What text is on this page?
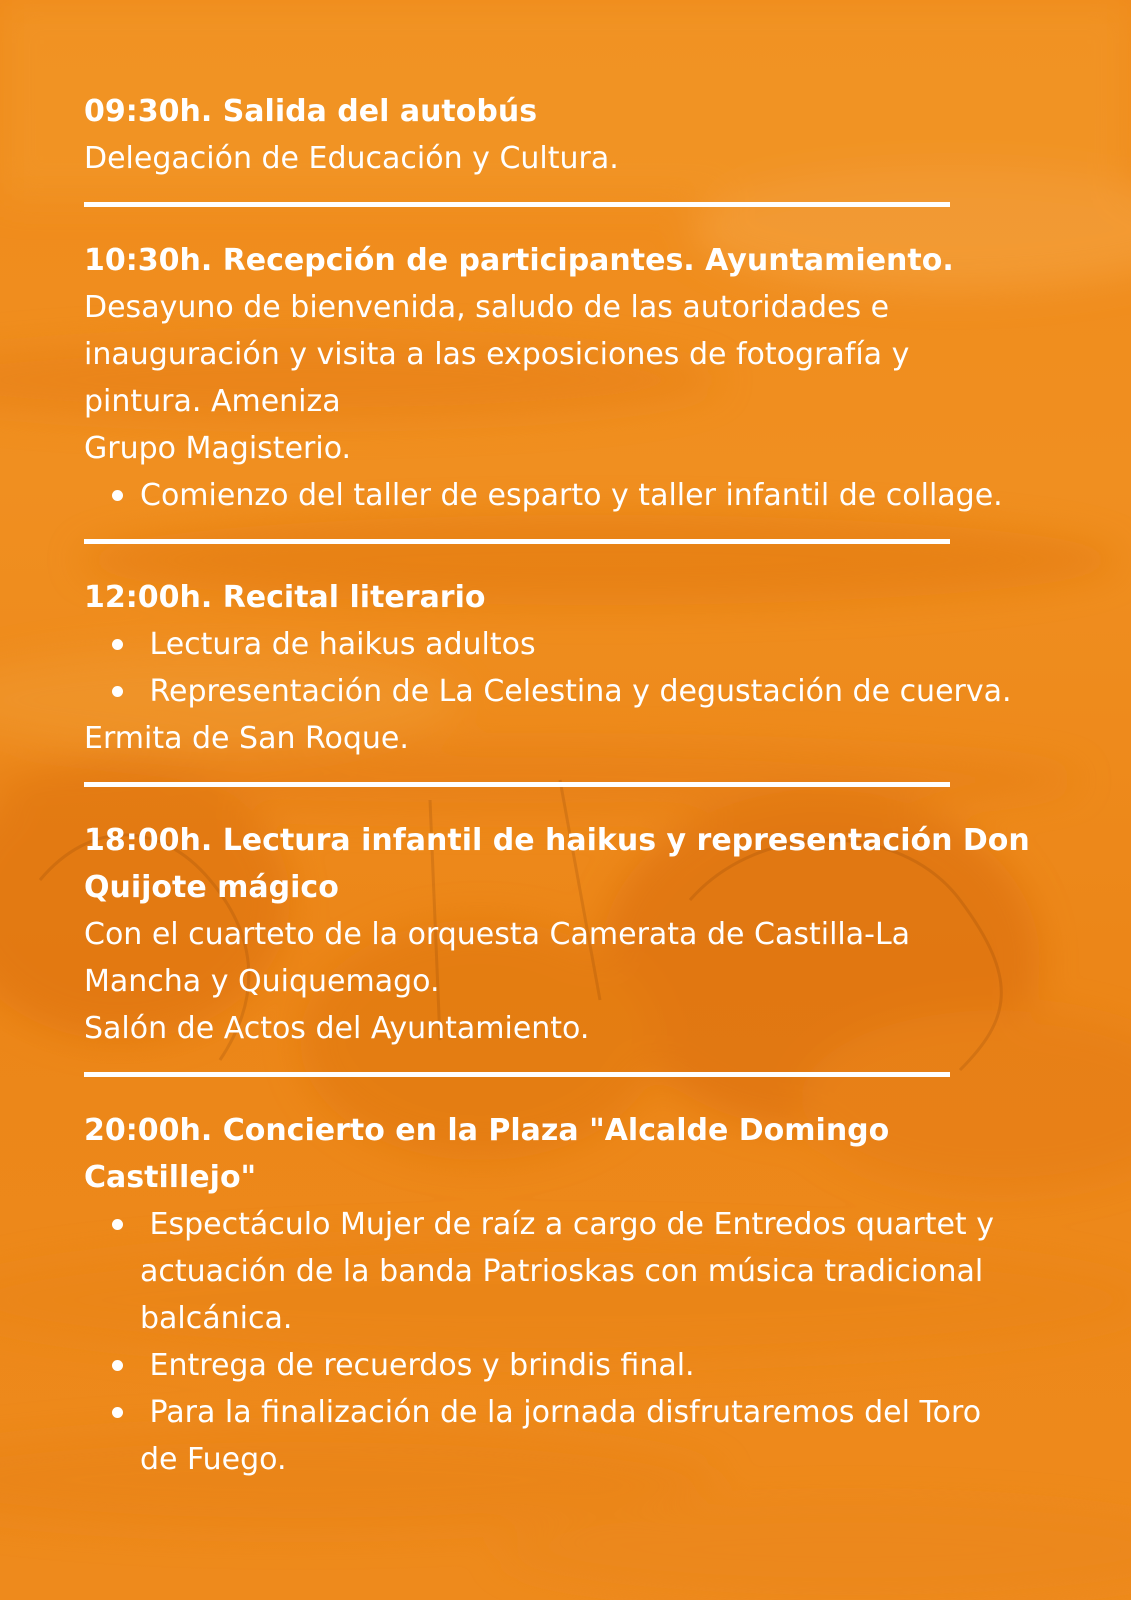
09:30h. Salida del autobús

Delegación de Educación y Cultura.

10:30h. Recepción de participantes. Ayuntamiento.

Desayuno de bienvenida, saludo de las autoridades e

inauguración y visita a las exposiciones de fotografía y

pintura. Ameniza

Grupo Magisterio.

Comienzo del taller de esparto y taller infantil de collage.

12:00h. Recital literario

Lectura de haikus adultos
Representación de La Celestina y degustación de cuerva.

Ermita de San Roque.

18:00h. Lectura infantil de haikus y representación Don

Quijote mágico

Con el cuarteto de la orquesta Camerata de Castilla-La

Mancha y Quiquemago.

Salón de Actos del Ayuntamiento.

20:00h. Concierto en la Plaza "Alcalde Domingo

Castillejo"

Espectáculo Mujer de raíz a cargo de Entredos quartet y
actuación de la banda Patrioskas con música tradicional
balcánica.
Entrega de recuerdos y brindis final.
Para la finalización de la jornada disfrutaremos del Toro
de Fuego.
